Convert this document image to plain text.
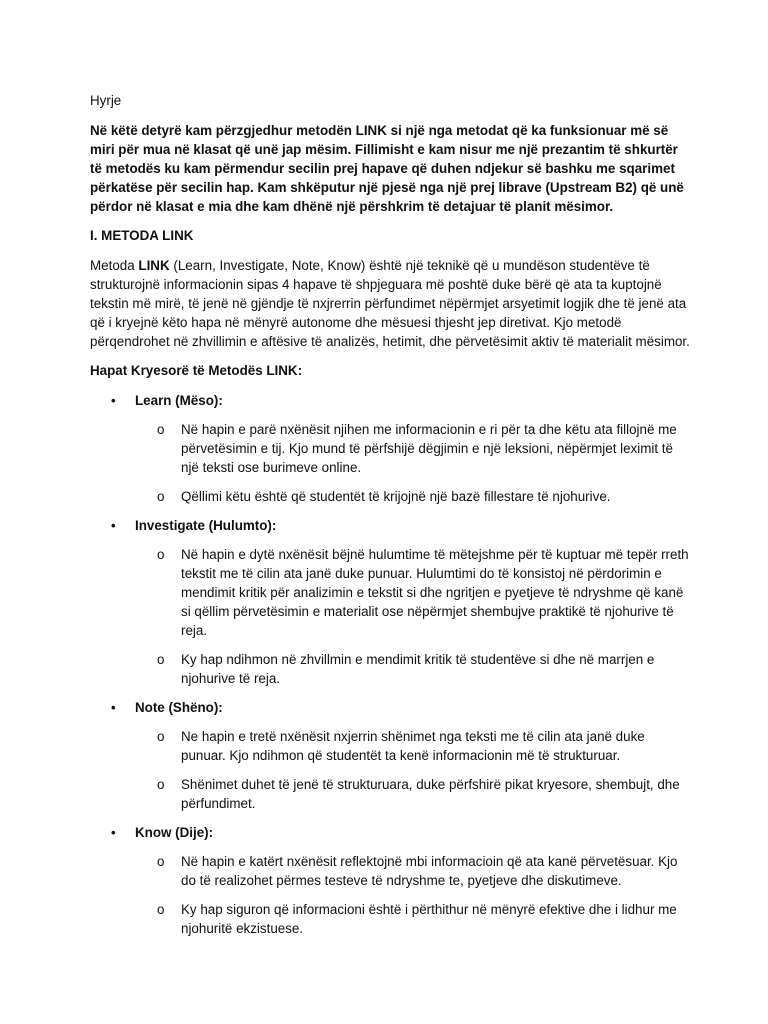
Hyrje

Në këtë detyrë kam përzgjedhur metodën LINK si një nga metodat që ka funksionuar më së miri për mua në klasat që unë jap mësim. Fillimisht e kam nisur me një prezantim të shkurtër të metodës ku kam përmendur secilin prej hapave që duhen ndjekur së bashku me sqarimet përkatëse për secilin hap. Kam shkëputur një pjesë nga një prej librave (Upstream B2) që unë përdor në klasat e mia dhe kam dhënë një përshkrim të detajuar të planit mësimor.

I. METODA LINK

Metoda LINK (Learn, Investigate, Note, Know) është një teknikë që u mundëson studentëve të strukturojnë informacionin sipas 4 hapave të shpjeguara më poshtë duke bërë që ata ta kuptojnë tekstin më mirë, të jenë në gjëndje të nxjrerrin përfundimet nëpërmjet arsyetimit logjik dhe të jenë ata që i kryejnë këto hapa në mënyrë autonome dhe mësuesi thjesht jep diretivat. Kjo metodë përqendrohet në zhvillimin e aftësive të analizës, hetimit, dhe përvetësimit aktiv të materialit mësimor.

Hapat Kryesorë të Metodës LINK:

• Learn (Mëso):

o Në hapin e parë nxënësit njihen me informacionin e ri për ta dhe këtu ata fillojnë me përvetësimin e tij. Kjo mund të përfshijë dëgjimin e një leksioni, nëpërmjet leximit të një teksti ose burimeve online.

o Qëllimi këtu është që studentët të krijojnë një bazë fillestare të njohurive.

• Investigate (Hulumto):

o Në hapin e dytë nxënësit bëjnë hulumtime të mëtejshme për të kuptuar më tepër rreth tekstit me të cilin ata janë duke punuar. Hulumtimi do të konsistoj në përdorimin e mendimit kritik për analizimin e tekstit si dhe ngritjen e pyetjeve të ndryshme që kanë si qëllim përvetësimin e materialit ose nëpërmjet shembujve praktikë të njohurive të reja.

o Ky hap ndihmon në zhvillmin e mendimit kritik të studentëve si dhe në marrjen e njohurive të reja.

• Note (Shëno):

o Ne hapin e tretë nxënësit nxjerrin shënimet nga teksti me të cilin ata janë duke punuar. Kjo ndihmon që studentët ta kenë informacionin më të strukturuar.

o Shënimet duhet të jenë të strukturuara, duke përfshirë pikat kryesore, shembujt, dhe përfundimet.

• Know (Dije):

o Në hapin e katërt nxënësit reflektojnë mbi informacioin që ata kanë përvetësuar. Kjo do të realizohet përmes testeve të ndryshme te, pyetjeve dhe diskutimeve.

o Ky hap siguron që informacioni është i përthithur në mënyrë efektive dhe i lidhur me njohuritë ekzistuese.
